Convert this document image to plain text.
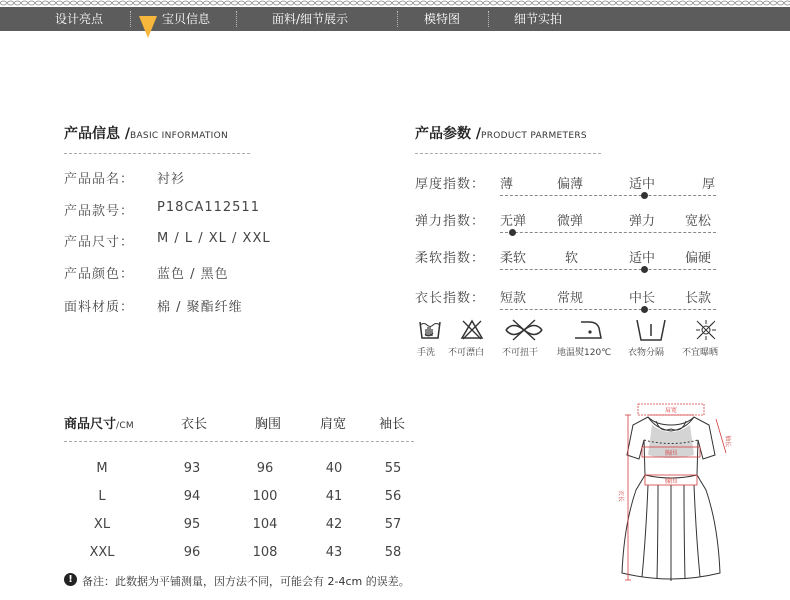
设计亮点	宝贝信息	面料/细节展示	模特图	细节实拍
产品信息 /BASIC INFORMATION
产品品名： 衬衫
产品款号： P18CA112511
产品尺寸： M / L / XL / XXL
产品颜色： 蓝色 / 黑色
面料材质： 棉 / 聚酯纤维
产品参数 /PRODUCT PARMETERS
厚度指数： 薄	偏薄	适中	厚
弹力指数： 无弹 微弹	弹力 宽松
柔软指数： 柔软	软	适中 偏硬
衣长指数： 短款 常规	中长 长款
手洗 不可漂白 不可扭干 地温熨120℃ 衣物分隔 不宜曝晒
商品尺寸/CM	衣长	胸围	肩宽	袖长
M	93	96	40	55
L	94	100	41	56
XL	95	104	42	57
XXL	96	108	43	58
! 备注：此数据为平铺测量，因方法不同，可能会有 2-4cm 的误差。
肩宽
胸围
腰围
袖长
衣长
